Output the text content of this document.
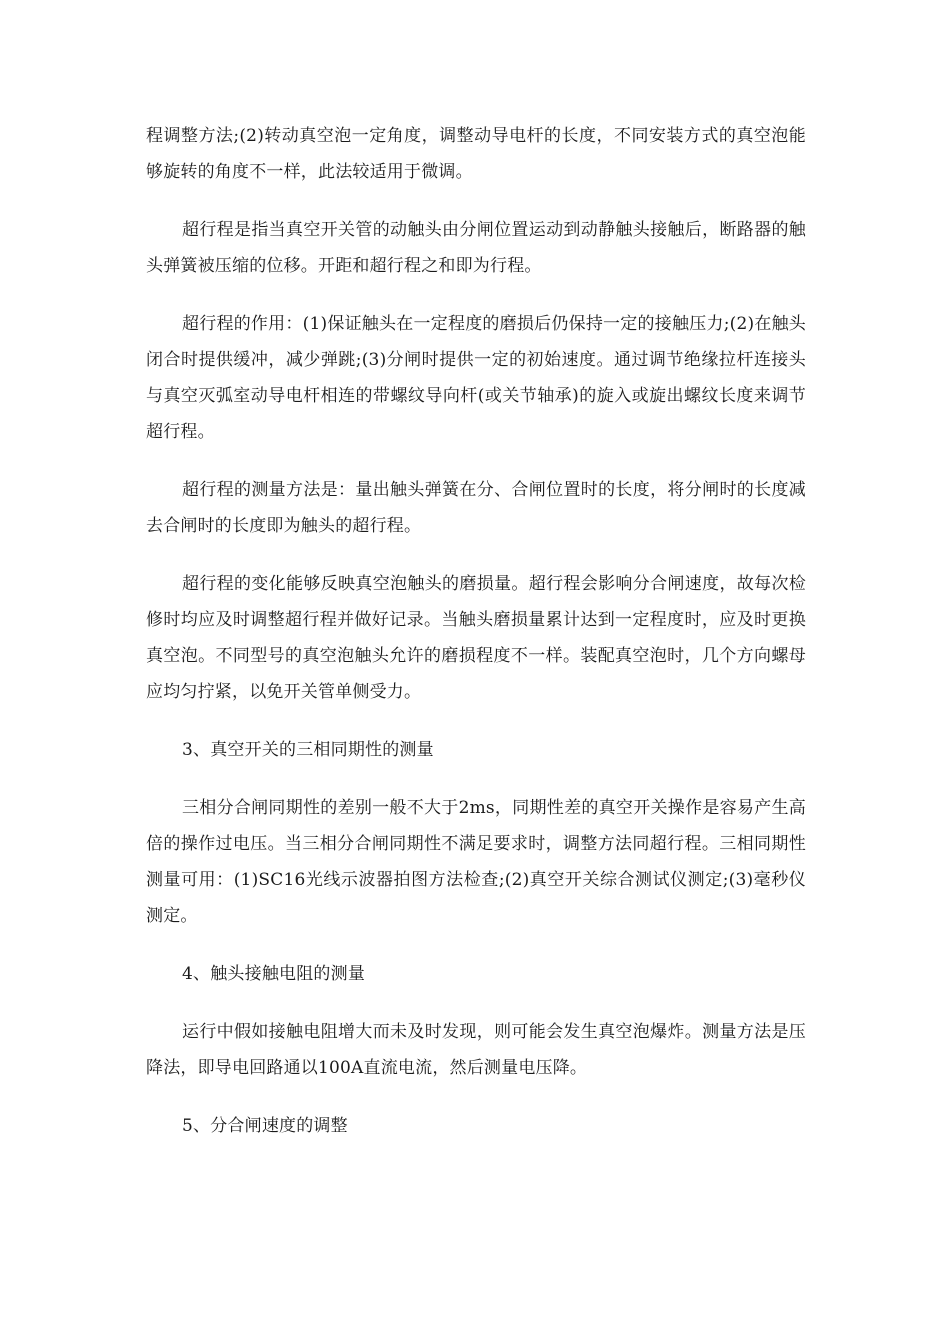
程调整方法;(2)转动真空泡一定角度，调整动导电杆的长度，不同安装方式的真空泡能够旋转的角度不一样，此法较适用于微调。

超行程是指当真空开关管的动触头由分闸位置运动到动静触头接触后，断路器的触头弹簧被压缩的位移。开距和超行程之和即为行程。

超行程的作用：(1)保证触头在一定程度的磨损后仍保持一定的接触压力;(2)在触头闭合时提供缓冲，减少弹跳;(3)分闸时提供一定的初始速度。通过调节绝缘拉杆连接头与真空灭弧室动导电杆相连的带螺纹导向杆(或关节轴承)的旋入或旋出螺纹长度来调节超行程。

超行程的测量方法是：量出触头弹簧在分、合闸位置时的长度，将分闸时的长度减去合闸时的长度即为触头的超行程。

超行程的变化能够反映真空泡触头的磨损量。超行程会影响分合闸速度，故每次检修时均应及时调整超行程并做好记录。当触头磨损量累计达到一定程度时，应及时更换真空泡。不同型号的真空泡触头允许的磨损程度不一样。装配真空泡时，几个方向螺母应均匀拧紧，以免开关管单侧受力。

3、真空开关的三相同期性的测量

三相分合闸同期性的差别一般不大于2ms，同期性差的真空开关操作是容易产生高倍的操作过电压。当三相分合闸同期性不满足要求时，调整方法同超行程。三相同期性测量可用：(1)SC16光线示波器拍图方法检查;(2)真空开关综合测试仪测定;(3)毫秒仪测定。

4、触头接触电阻的测量

运行中假如接触电阻增大而未及时发现，则可能会发生真空泡爆炸。测量方法是压降法，即导电回路通以100A直流电流，然后测量电压降。

5、分合闸速度的调整
